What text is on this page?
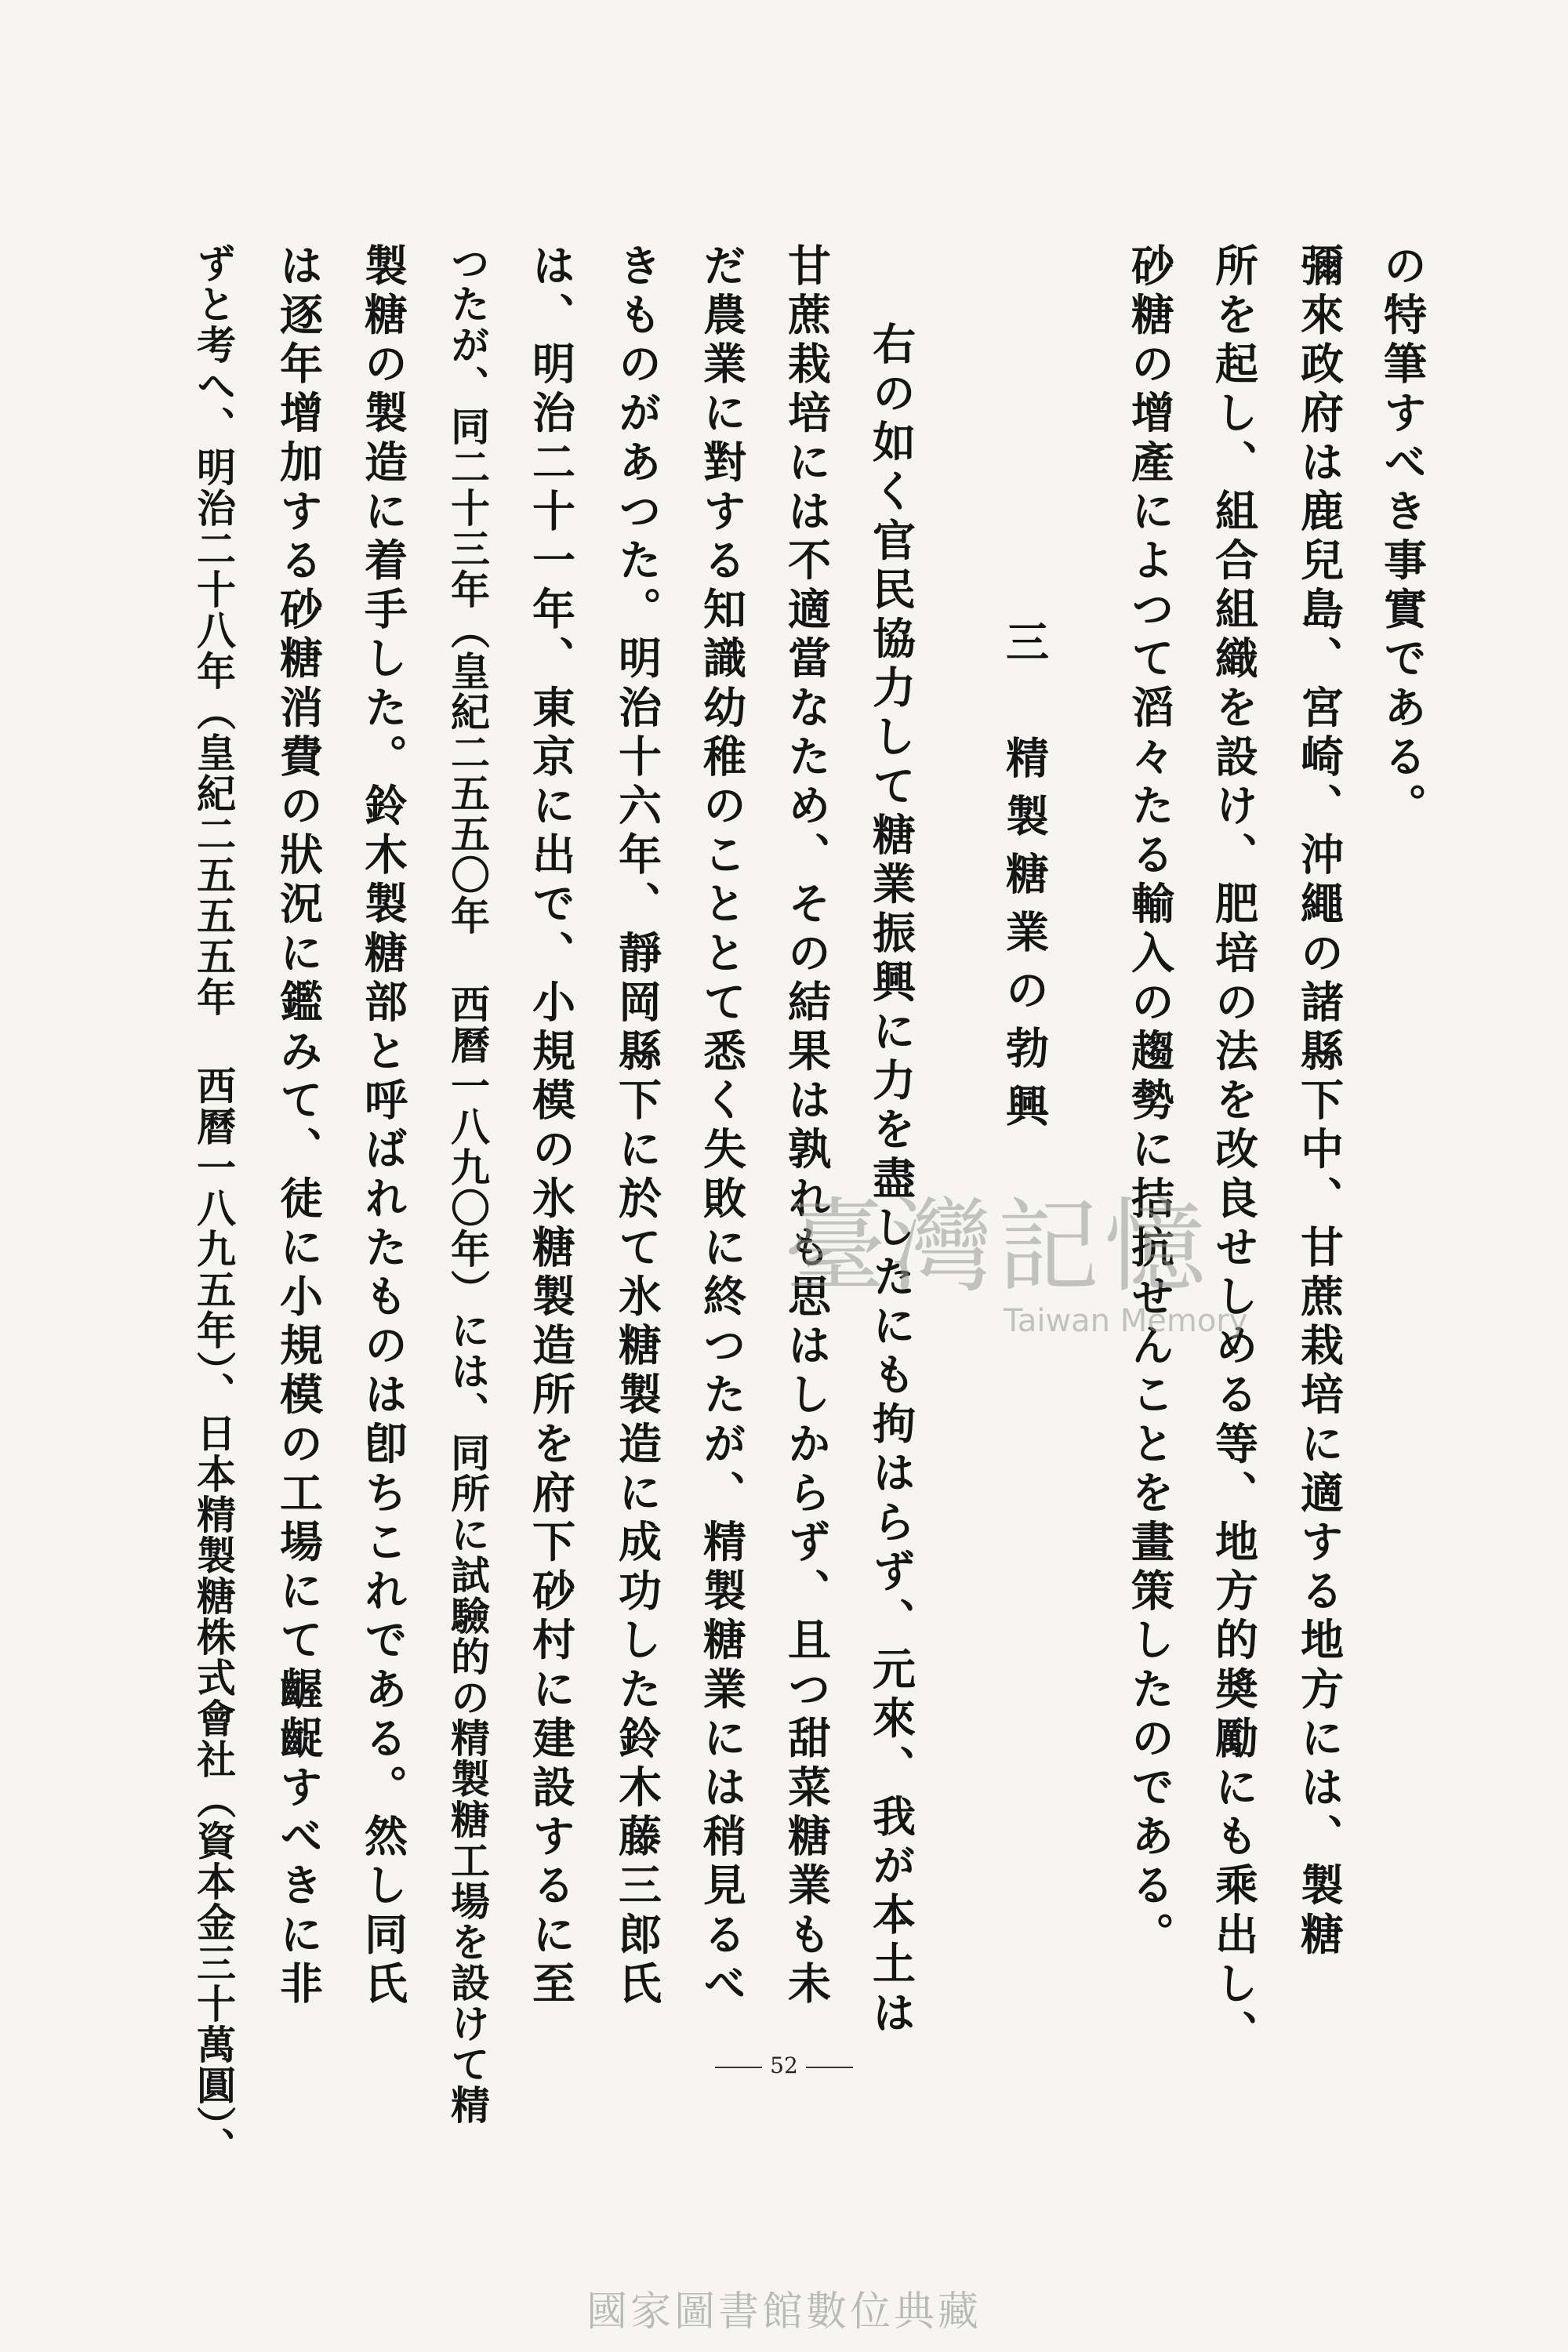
砂糖の增產によつて滔々たる輸入の趨勢に拮抗せんことを畫策したのである。 所を起し、組合組織を設け、肥培の法を改良せしめる等、地方的奬勵にも乘出し、 彌來政府は鹿兒島、宮崎、沖繩の諸縣下中、甘蔗栽培に適する地方には、製糖 の特筆すべき事實である。
三　精製糖業の勃興
右の如く官民協力して糖業振興に力を盡したにも拘はらず、元來、我が本土は
甘蔗栽培には不適當なため、その結果は孰れも思はしからず、且つ甜菜糖業も未
だ農業に對する知識幼稚のこととて悉く失敗に終つたが、精製糖業には稍見るべ
きものがあつた。明治十六年、靜岡縣下に於て氷糖製造に成功した鈴木藤三郎氏
は、明治二十一年、東京に出で、小規模の氷糖製造所を府下砂村に建設するに至
つたが、同二十三年（皇紀二五五〇年 西曆一八九〇年）には、同所に試驗的の精製糖工場を設けて精
製糖の製造に着手した。鈴木製糖部と呼ばれたものは卽ちこれである。然し同氏
は逐年增加する砂糖消費の狀況に鑑みて、徒に小規模の工場にて齷齪すべきに非
ずと考へ、明治二十八年（皇紀二五五五年 西曆一八九五年）、日本精製糖株式會社（資本金三十萬圓）、	52
臺灣記憶
Taiwan Memory
國家圖書館數位典藏
